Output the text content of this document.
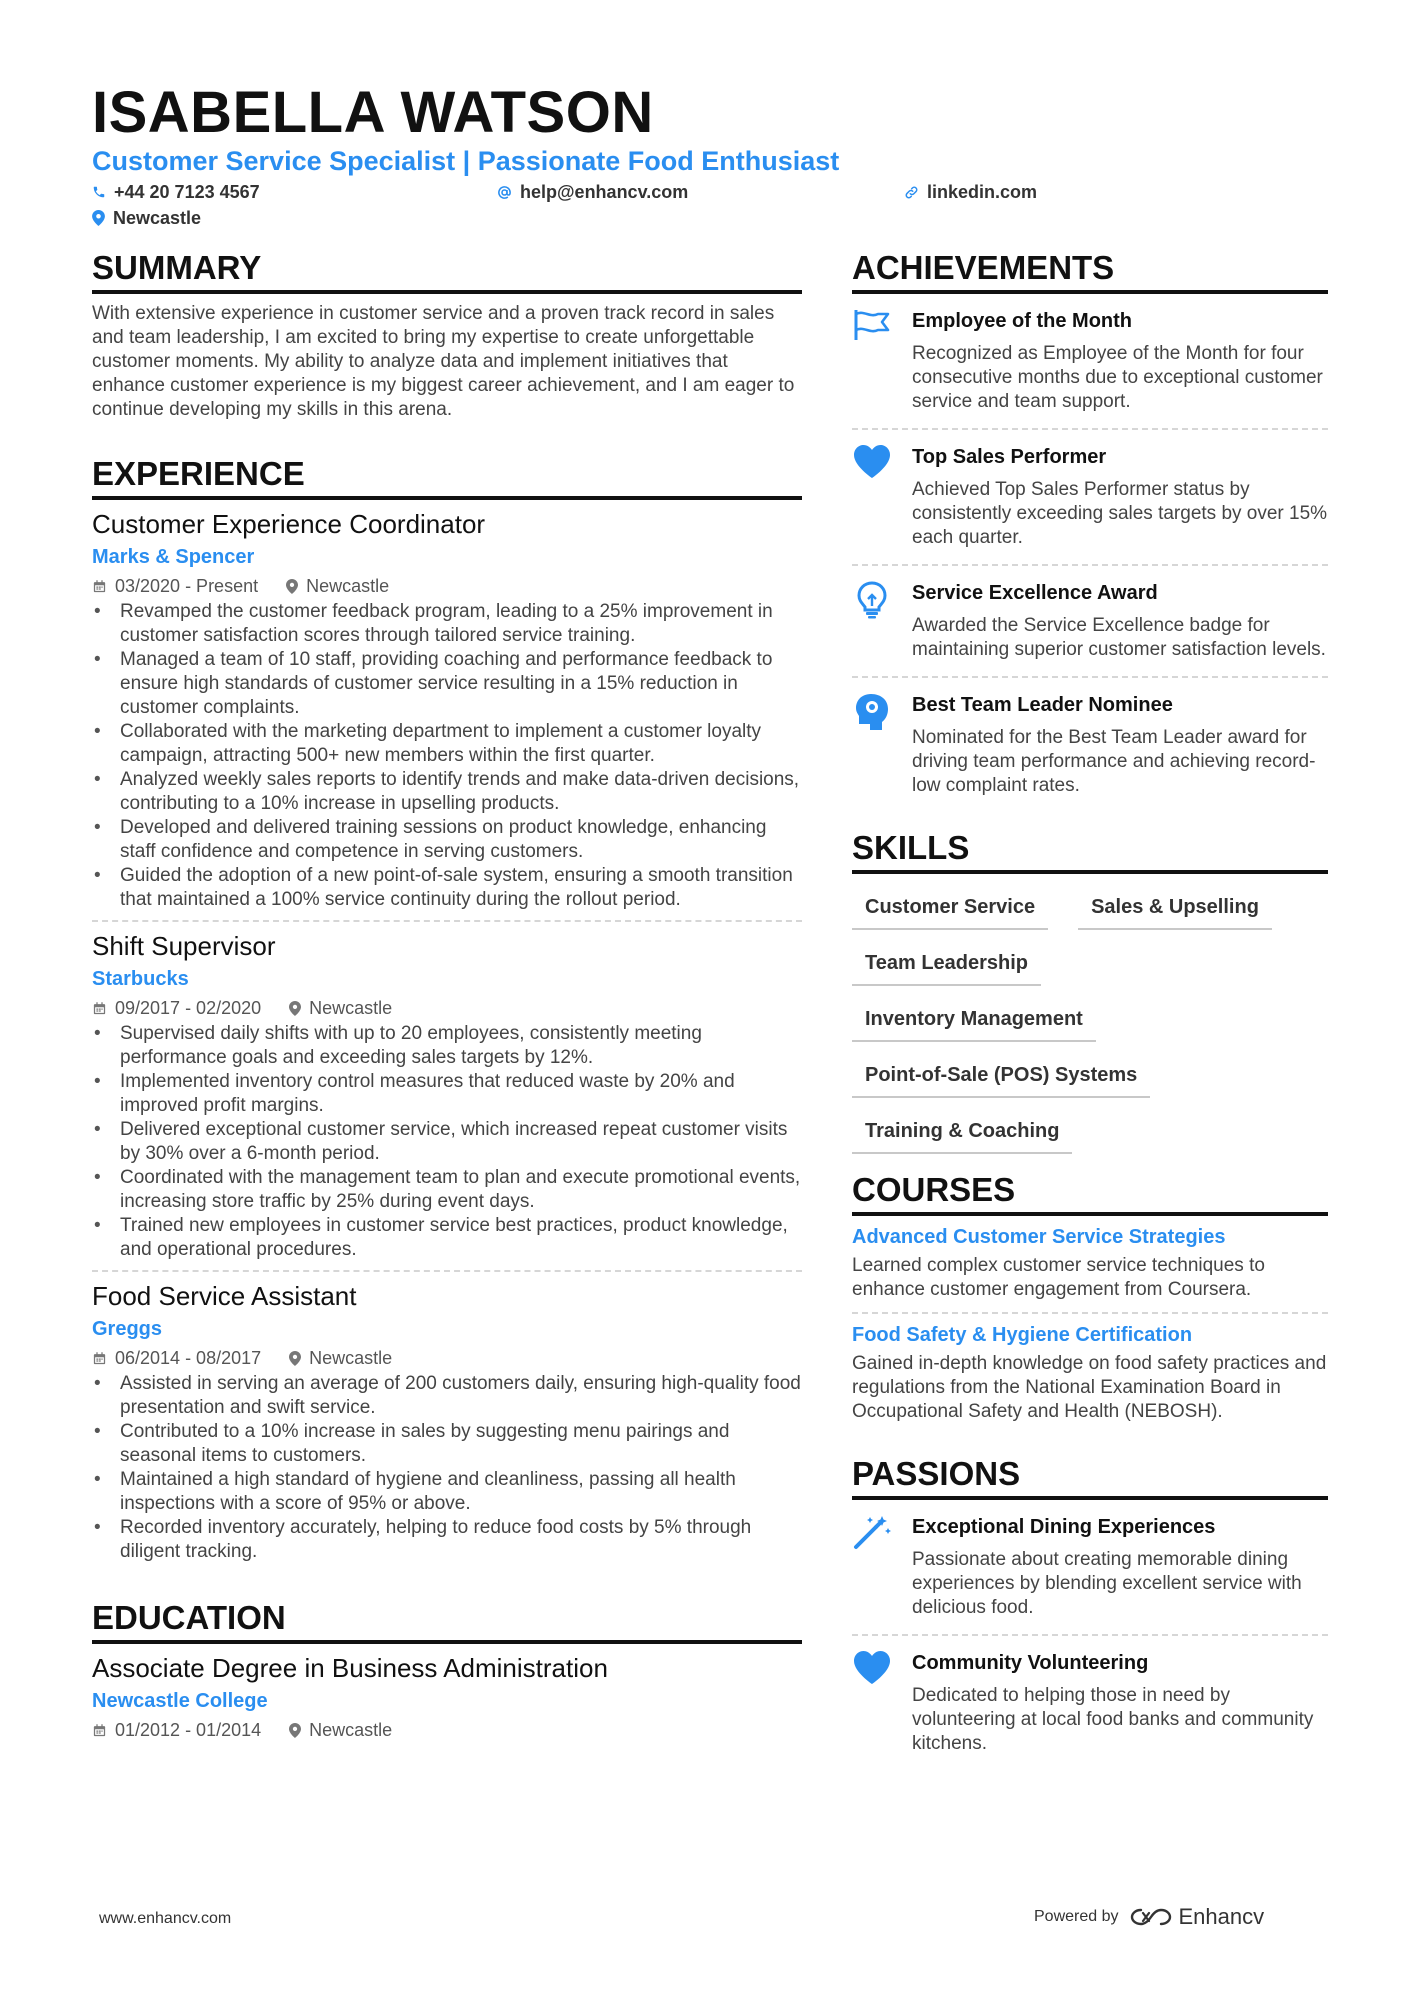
ISABELLA WATSON
Customer Service Specialist | Passionate Food Enthusiast
+44 20 7123 4567	help@enhancv.com	linkedin.com
Newcastle
SUMMARY
With extensive experience in customer service and a proven track record in sales and team leadership, I am excited to bring my expertise to create unforgettable customer moments. My ability to analyze data and implement initiatives that enhance customer experience is my biggest career achievement, and I am eager to continue developing my skills in this arena.
EXPERIENCE
Customer Experience Coordinator
Marks & Spencer
03/2020 - Present	Newcastle
• Revamped the customer feedback program, leading to a 25% improvement in customer satisfaction scores through tailored service training.
• Managed a team of 10 staff, providing coaching and performance feedback to ensure high standards of customer service resulting in a 15% reduction in customer complaints.
• Collaborated with the marketing department to implement a customer loyalty campaign, attracting 500+ new members within the first quarter.
• Analyzed weekly sales reports to identify trends and make data-driven decisions, contributing to a 10% increase in upselling products.
• Developed and delivered training sessions on product knowledge, enhancing staff confidence and competence in serving customers.
• Guided the adoption of a new point-of-sale system, ensuring a smooth transition that maintained a 100% service continuity during the rollout period.
Shift Supervisor
Starbucks
09/2017 - 02/2020	Newcastle
• Supervised daily shifts with up to 20 employees, consistently meeting performance goals and exceeding sales targets by 12%.
• Implemented inventory control measures that reduced waste by 20% and improved profit margins.
• Delivered exceptional customer service, which increased repeat customer visits by 30% over a 6-month period.
• Coordinated with the management team to plan and execute promotional events, increasing store traffic by 25% during event days.
• Trained new employees in customer service best practices, product knowledge, and operational procedures.
Food Service Assistant
Greggs
06/2014 - 08/2017	Newcastle
• Assisted in serving an average of 200 customers daily, ensuring high-quality food presentation and swift service.
• Contributed to a 10% increase in sales by suggesting menu pairings and seasonal items to customers.
• Maintained a high standard of hygiene and cleanliness, passing all health inspections with a score of 95% or above.
• Recorded inventory accurately, helping to reduce food costs by 5% through diligent tracking.
EDUCATION
Associate Degree in Business Administration
Newcastle College
01/2012 - 01/2014	Newcastle
ACHIEVEMENTS
Employee of the Month
Recognized as Employee of the Month for four consecutive months due to exceptional customer service and team support.
Top Sales Performer
Achieved Top Sales Performer status by consistently exceeding sales targets by over 15% each quarter.
Service Excellence Award
Awarded the Service Excellence badge for maintaining superior customer satisfaction levels.
Best Team Leader Nominee
Nominated for the Best Team Leader award for driving team performance and achieving record-low complaint rates.
SKILLS
Customer Service	Sales & Upselling
Team Leadership
Inventory Management
Point-of-Sale (POS) Systems
Training & Coaching
COURSES
Advanced Customer Service Strategies
Learned complex customer service techniques to enhance customer engagement from Coursera.
Food Safety & Hygiene Certification
Gained in-depth knowledge on food safety practices and regulations from the National Examination Board in Occupational Safety and Health (NEBOSH).
PASSIONS
Exceptional Dining Experiences
Passionate about creating memorable dining experiences by blending excellent service with delicious food.
Community Volunteering
Dedicated to helping those in need by volunteering at local food banks and community kitchens.
www.enhancv.com	Powered by	Enhancv
